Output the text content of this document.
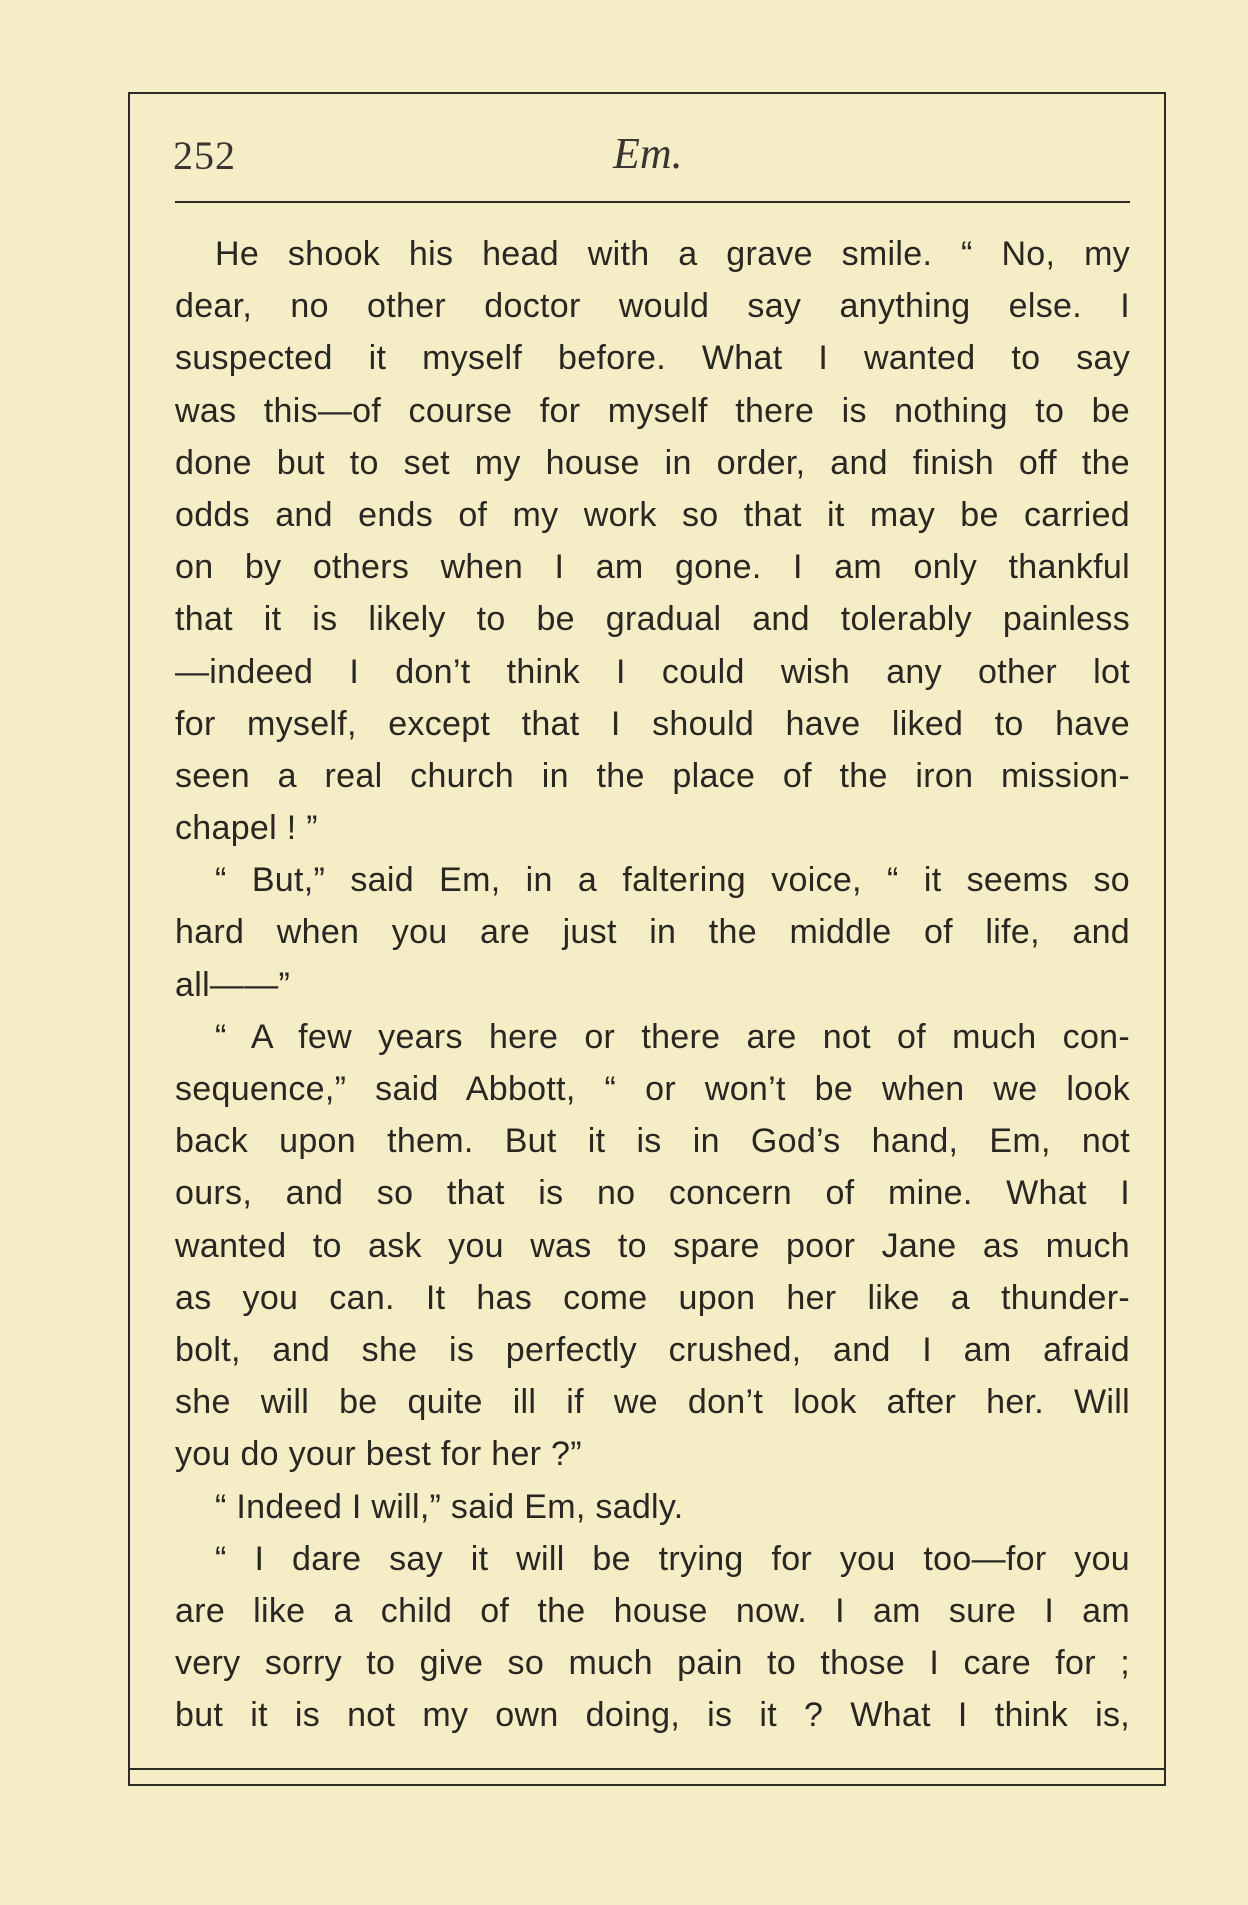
252	Em.
He shook his head with a grave smile. “ No, my
dear, no other doctor would say anything else. I
suspected it myself before. What I wanted to say
was this—of course for myself there is nothing to be
done but to set my house in order, and finish off the
odds and ends of my work so that it may be carried
on by others when I am gone. I am only thankful
that it is likely to be gradual and tolerably painless
—indeed I don’t think I could wish any other lot
for myself, except that I should have liked to have
seen a real church in the place of the iron mission-
chapel ! ”
“ But,” said Em, in a faltering voice, “ it seems so
hard when you are just in the middle of life, and
all——”
“ A few years here or there are not of much con-
sequence,” said Abbott, “ or won’t be when we look
back upon them. But it is in God’s hand, Em, not
ours, and so that is no concern of mine. What I
wanted to ask you was to spare poor Jane as much
as you can. It has come upon her like a thunder-
bolt, and she is perfectly crushed, and I am afraid
she will be quite ill if we don’t look after her. Will
you do your best for her ?”
“ Indeed I will,” said Em, sadly.
“ I dare say it will be trying for you too—for you
are like a child of the house now. I am sure I am
very sorry to give so much pain to those I care for ;
but it is not my own doing, is it ? What I think is,
